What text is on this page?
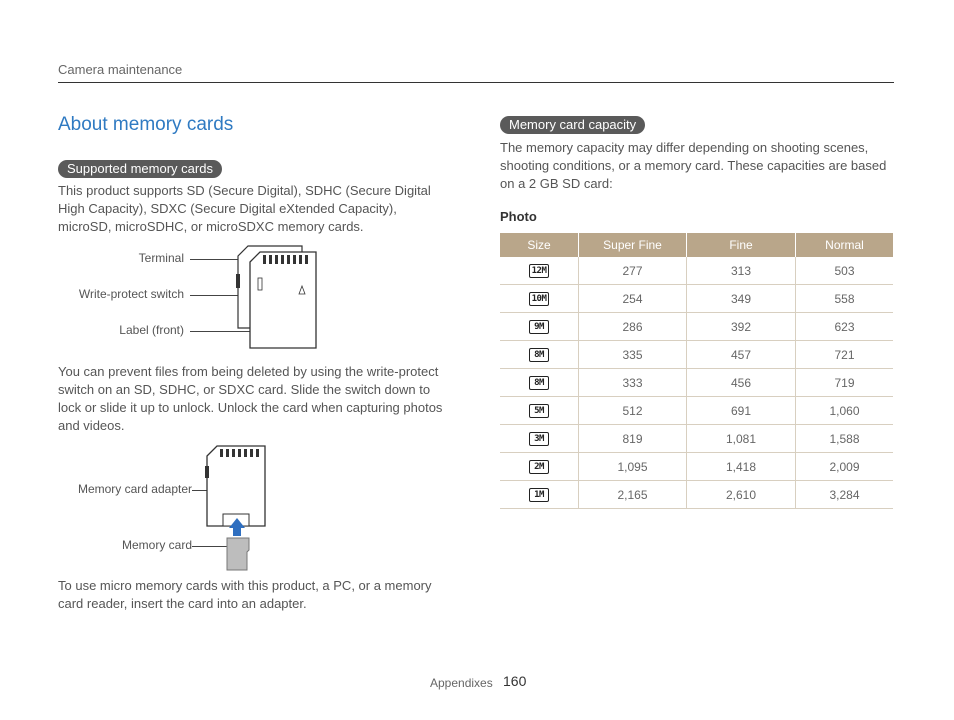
Camera maintenance
About memory cards
Supported memory cards
This product supports SD (Secure Digital), SDHC (Secure Digital High Capacity), SDXC (Secure Digital eXtended Capacity), microSD, microSDHC, or microSDXC memory cards.
Terminal
Write-protect switch
Label (front)
You can prevent files from being deleted by using the write-protect switch on an SD, SDHC, or SDXC card. Slide the switch down to lock or slide it up to unlock. Unlock the card when capturing photos and videos.
Memory card adapter
Memory card
To use micro memory cards with this product, a PC, or a memory card reader, insert the card into an adapter.
Memory card capacity
The memory capacity may differ depending on shooting scenes, shooting conditions, or a memory card. These capacities are based on a 2 GB SD card:
Photo
Size	Super Fine	Fine	Normal
12M	277	313	503
10M	254	349	558
9M	286	392	623
8M	335	457	721
8M	333	456	719
5M	512	691	1,060
3M	819	1,081	1,588
2M	1,095	1,418	2,009
1M	2,165	2,610	3,284
Appendixes 160
